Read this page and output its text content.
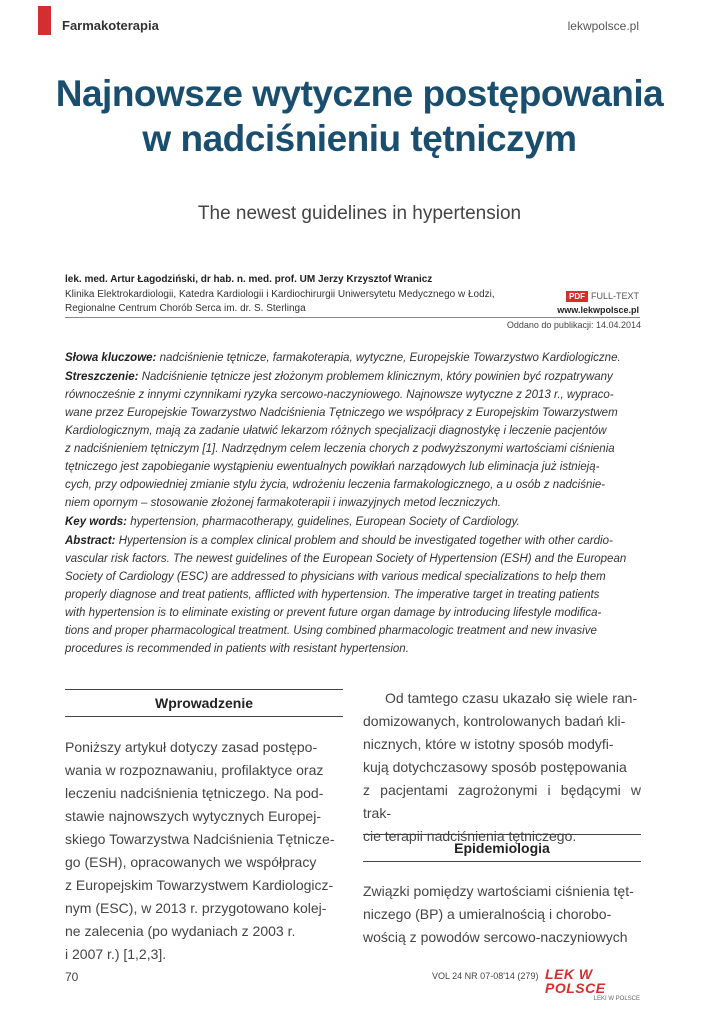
Farmakoterapia	lekwpolsce.pl
Najnowsze wytyczne postępowania
w nadciśnieniu tętniczym
The newest guidelines in hypertension
lek. med. Artur Łagodziński, dr hab. n. med. prof. UM Jerzy Krzysztof Wranicz
Klinika Elektrokardiologii, Katedra Kardiologii i Kardiochirurgii Uniwersytetu Medycznego w Łodzi,
Regionalne Centrum Chorób Serca im. dr. S. Sterlinga
PDF FULL-TEXT
www.lekwpolsce.pl
Oddano do publikacji: 14.04.2014
Słowa kluczowe: nadciśnienie tętnicze, farmakoterapia, wytyczne, Europejskie Towarzystwo Kardiologiczne.
Streszczenie: Nadciśnienie tętnicze jest złożonym problemem klinicznym, który powinien być rozpatrywany
równocześnie z innymi czynnikami ryzyka sercowo-naczyniowego. Najnowsze wytyczne z 2013 r., wypraco-
wane przez Europejskie Towarzystwo Nadciśnienia Tętniczego we współpracy z Europejskim Towarzystwem
Kardiologicznym, mają za zadanie ułatwić lekarzom różnych specjalizacji diagnostykę i leczenie pacjentów
z nadciśnieniem tętniczym [1]. Nadrzędnym celem leczenia chorych z podwyższonymi wartościami ciśnienia
tętniczego jest zapobieganie wystąpieniu ewentualnych powikłań narządowych lub eliminacja już istnieją-
cych, przy odpowiedniej zmianie stylu życia, wdrożeniu leczenia farmakologicznego, a u osób z nadciśnie-
niem opornym – stosowanie złożonej farmakoterapii i inwazyjnych metod leczniczych.
Key words: hypertension, pharmacotherapy, guidelines, European Society of Cardiology.
Abstract: Hypertension is a complex clinical problem and should be investigated together with other cardio-
vascular risk factors. The newest guidelines of the European Society of Hypertension (ESH) and the European
Society of Cardiology (ESC) are addressed to physicians with various medical specializations to help them
properly diagnose and treat patients, afflicted with hypertension. The imperative target in treating patients
with hypertension is to eliminate existing or prevent future organ damage by introducing lifestyle modifica-
tions and proper pharmacological treatment. Using combined pharmacologic treatment and new invasive
procedures is recommended in patients with resistant hypertension.
Wprowadzenie
Poniższy artykuł dotyczy zasad postępo-
wania w rozpoznawaniu, profilaktyce oraz
leczeniu nadciśnienia tętniczego. Na pod-
stawie najnowszych wytycznych Europej-
skiego Towarzystwa Nadciśnienia Tętnicze-
go (ESH), opracowanych we współpracy
z Europejskim Towarzystwem Kardiologicz-
nym (ESC), w 2013 r. przygotowano kolej-
ne zalecenia (po wydaniach z 2003 r.
i 2007 r.) [1,2,3].
Od tamtego czasu ukazało się wiele ran-
domizowanych, kontrolowanych badań kli-
nicznych, które w istotny sposób modyfi-
kują dotychczasowy sposób postępowania
z pacjentami zagrożonymi i będącymi w trak-
cie terapii nadciśnienia tętniczego.
Epidemiologia
Związki pomiędzy wartościami ciśnienia tęt-
niczego (BP) a umieralnością i chorobo-
wością z powodów sercowo-naczyniowych
70	VOL 24 NR 07-08'14 (279) LEK W POLSCE
LEKI W POLSCE
